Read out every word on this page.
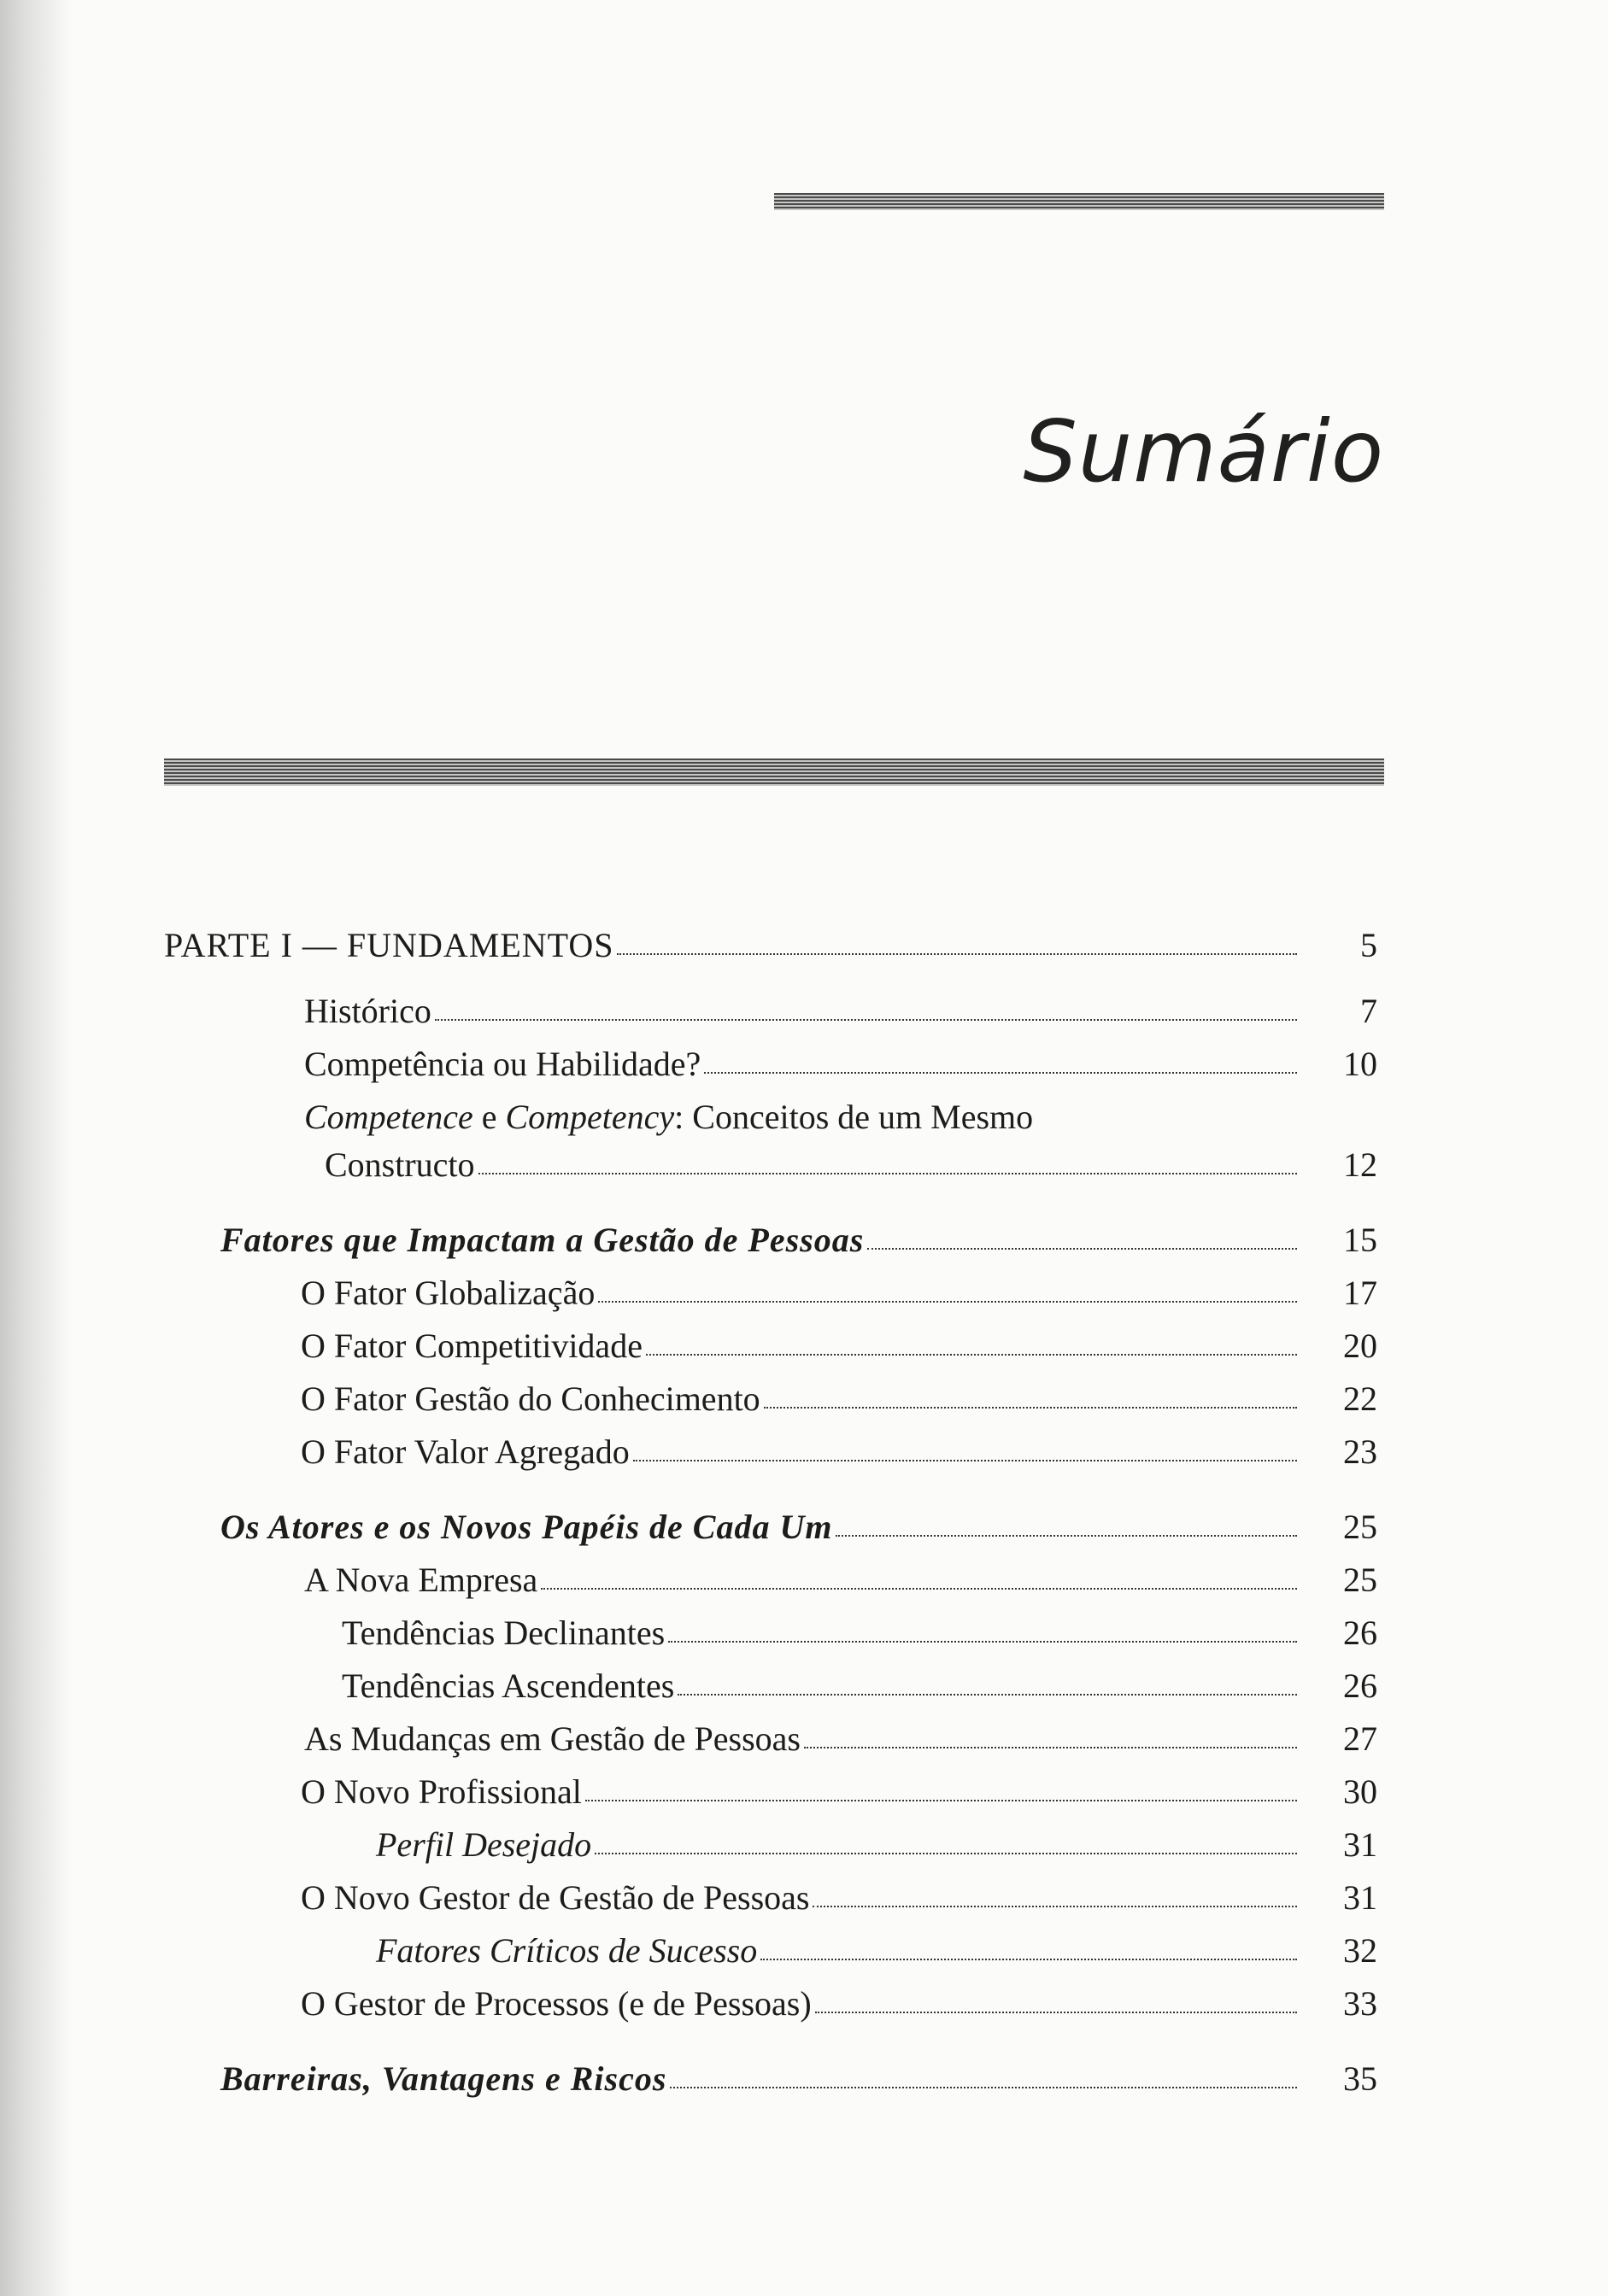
Sumário
PARTE I — FUNDAMENTOS	5
Histórico	7
Competência ou Habilidade?	10
Competence e Competency: Conceitos de um Mesmo
Constructo	12
Fatores que Impactam a Gestão de Pessoas	15
O Fator Globalização	17
O Fator Competitividade	20
O Fator Gestão do Conhecimento	22
O Fator Valor Agregado	23
Os Atores e os Novos Papéis de Cada Um	25
A Nova Empresa	25
Tendências Declinantes	26
Tendências Ascendentes	26
As Mudanças em Gestão de Pessoas	27
O Novo Profissional	30
Perfil Desejado	31
O Novo Gestor de Gestão de Pessoas	31
Fatores Críticos de Sucesso	32
O Gestor de Processos (e de Pessoas)	33
Barreiras, Vantagens e Riscos	35
